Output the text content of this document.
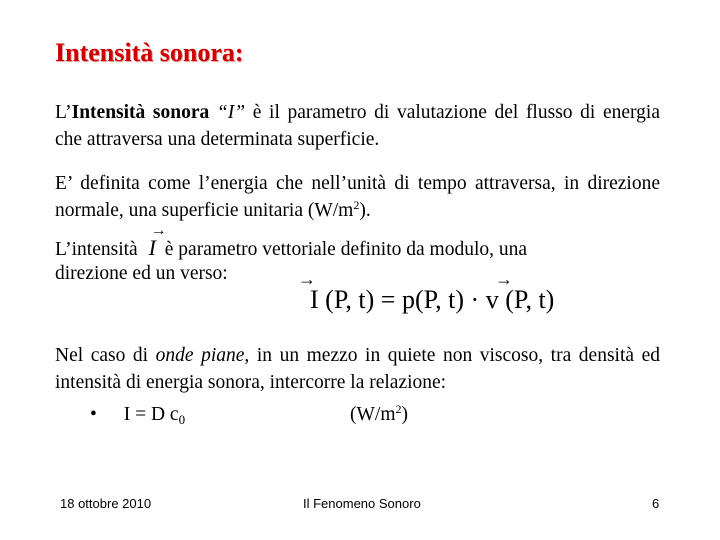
Intensità sonora:
L’Intensità sonora “I” è il parametro di valutazione del flusso di energia che attraversa una determinata superficie.
E’ definita come l’energia che nell’unità di tempo attraversa, in direzione normale, una superficie unitaria $(W/m^2)$.
L’intensità
→
I è parametro vettoriale definito da modulo, una
direzione ed un verso:	→	→
I (P, t) = p(P, t) · v (P, t)
Nel caso di onde piane, in un mezzo in quiete non viscoso, tra densità ed intensità di energia sonora, intercorre la relazione:
• I = D c0	$(W/m^2)$
18 ottobre 2010	Il Fenomeno Sonoro	6
